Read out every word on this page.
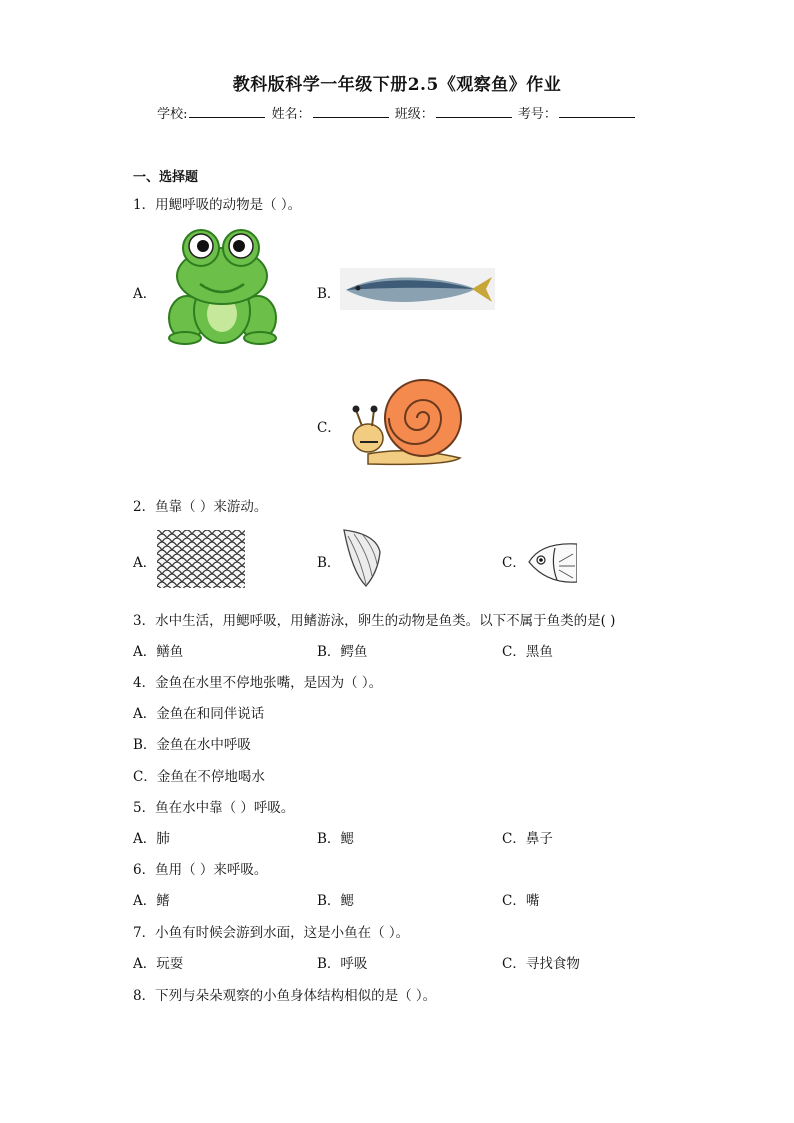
教科版科学一年级下册2.5《观察鱼》作业
学校:	姓名：	班级：	考号：
一、选择题
1．用鳃呼吸的动物是（ ）。
A．	B．
C．
2．鱼靠（ ）来游动。
A．	B．	C．
3．水中生活，用鳃呼吸，用鳍游泳，卵生的动物是鱼类。以下不属于鱼类的是( )
A．鳝鱼	B．鳄鱼	C．黑鱼
4．金鱼在水里不停地张嘴，是因为（ ）。
A．金鱼在和同伴说话
B．金鱼在水中呼吸
C．金鱼在不停地喝水
5．鱼在水中靠（ ）呼吸。
A．肺	B．鳃	C．鼻子
6．鱼用（ ）来呼吸。
A．鳍	B．鳃	C．嘴
7．小鱼有时候会游到水面，这是小鱼在（ ）。
A．玩耍	B．呼吸	C．寻找食物
8．下列与朵朵观察的小鱼身体结构相似的是（ ）。
